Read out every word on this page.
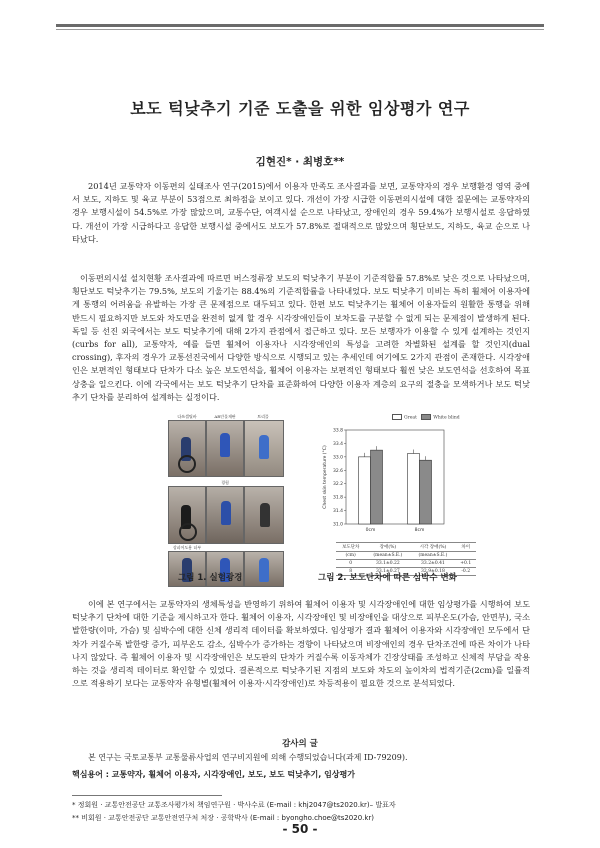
보도 턱낮추기 기준 도출을 위한 임상평가 연구
김현진* · 최병호**

2014년 교통약자 이동편의 실태조사 연구(2015)에서 이용자 만족도 조사결과를 보면, 교통약자의 경우 보행환경 영역 중에서 보도, 지하도 및 육교 부분이 53점으로 최하점을 보이고 있다. 개선이 가장 시급한 이동편의시설에 대한 질문에는 교통약자의 경우 보행시설이 54.5%로 가장 많았으며, 교통수단, 여객시설 순으로 나타났고, 장애인의 경우 59.4%가 보행시설로 응답하였다. 개선이 가장 시급하다고 응답한 보행시설 중에서도 보도가 57.8%로 절대적으로 많았으며 횡단보도, 지하도, 육교 순으로 나타났다.

이동편의시설 설치현황 조사결과에 따르면 버스정류장 보도의 턱낮추기 부분이 기준적합률 57.8%로 낮은 것으로 나타났으며, 횡단보도 턱낮추기는 79.5%, 보도의 기울기는 88.4%의 기준적합률을 나타내었다. 보도 턱낮추기 미비는 특히 휠체어 이용자에게 통행의 어려움을 유발하는 가장 큰 문제점으로 대두되고 있다. 한편 보도 턱낮추기는 휠체어 이용자들의 원활한 통행을 위해 반드시 필요하지만 보도와 차도면을 완전히 없게 할 경우 시각장애인들이 보차도를 구분할 수 없게 되는 문제점이 발생하게 된다. 독일 등 선진 외국에서는 보도 턱낮추기에 대해 2가지 관점에서 접근하고 있다. 모든 보행자가 이용할 수 있게 설계하는 것인지(curbs for all), 교통약자, 예를 들면 휠체어 이용자나 시각장애인의 특성을 고려한 차별화된 설계를 할 것인지(dual crossing), 후자의 경우가 교통선진국에서 다양한 방식으로 시행되고 있는 추세인데 여기에도 2가지 관점이 존재한다. 시각장애인은 보편적인 형태보다 단차가 다소 높은 보도연석을, 휠체어 이용자는 보편적인 형태보다 훨씬 낮은 보도연석을 선호하여 목표상충을 일으킨다. 이에 각국에서는 보도 턱낮추기 단차를 표준화하여 다양한 이용자 계층의 요구의 절충을 모색하거나 보도 턱낮추기 단차를 분리하여 설계하는 실정이다.

다쓰셀틸바	AR안물재판	트리플
경험
상피어도용 더부
Great	White blind
31.0
31.4
31.8
32.2
32.6
33.0
33.4
33.8
Chest skin temperature (°C)
0cm	8cm
보도단차	장애(%)	시각 장애(%)	차이
(cm)	(mean±S.E.)	(mean±S.E.)	
0	33.1±0.22	33.2±0.41	+0.1
8	33.1±0.27	32.9±0.18	-0.2
그림 1. 실험광경	그림 2. 보도단차에 따른 심박수 변화

이에 본 연구에서는 교통약자의 생체특성을 반영하기 위하여 휠체어 이용자 및 시각장애인에 대한 임상평가를 시행하여 보도 턱낮추기 단차에 대한 기준을 제시하고자 한다. 휠체어 이용자, 시각장애인 및 비장애인을 대상으로 피부온도(가슴, 안면부), 국소발한량(이마, 가슴) 및 심박수에 대한 신체 생리적 데이터를 확보하였다. 임상평가 결과 휠체어 이용자와 시각장애인 모두에서 단차가 커질수록 발한량 증가, 피부온도 감소, 심박수가 증가하는 경향이 나타났으며 비장애인의 경우 단차조건에 따른 차이가 나타나지 않았다. 즉 휠체어 이용자 및 시각장애인은 보도판의 단차가 커질수록 이동자체가 긴장상태를 조성하고 신체적 부담을 작용하는 것을 생리적 데이터로 확인할 수 있었다. 결론적으로 턱낮추기된 지점의 보도와 차도의 높이차의 법적기준(2cm)를 일률적으로 적용하기 보다는 교통약자 유형별(휠체어 이용자·시각장애인)로 차등적용이 필요한 것으로 분석되었다.

감사의 글

본 연구는 국토교통부 교통물류사업의 연구비지원에 의해 수행되었습니다(과제 ID-79209).

핵심용어 : 교통약자, 휠체어 이용자, 시각장애인, 보도, 보도 턱낮추기, 임상평가
* 정회원 · 교통안전공단 교통조사평가처 책임연구원 · 박사수료 (E-mail : khj2047@ts2020.kr)– 발표자
** 비회원 · 교통안전공단 교통안전연구처 처장 · 공학박사 (E-mail : byongho.choe@ts2020.kr)
- 50 -
